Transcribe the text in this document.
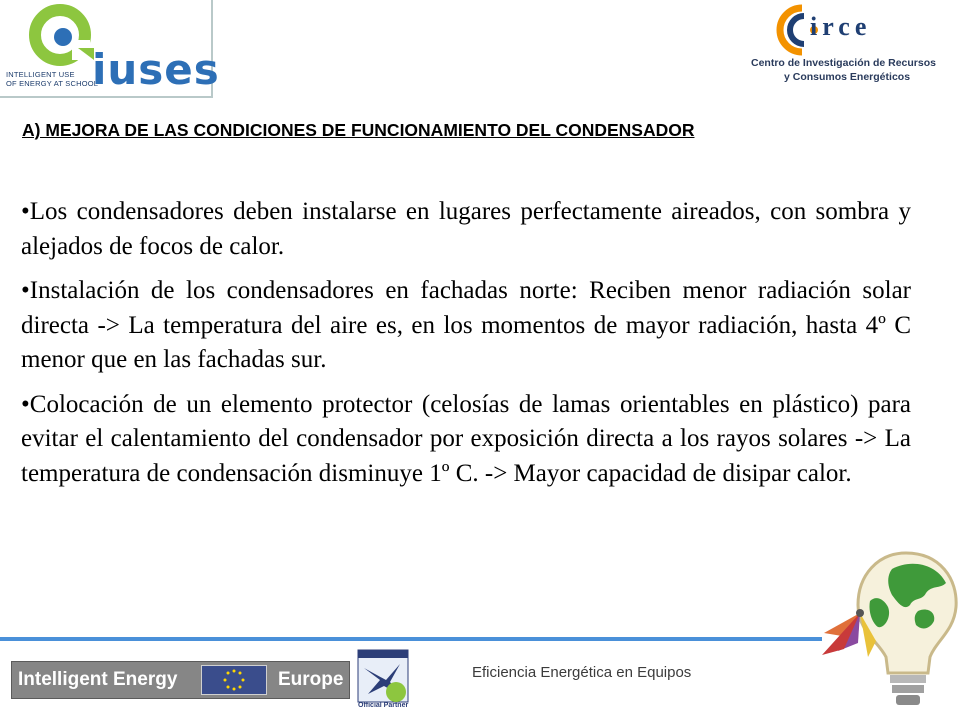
INTELLIGENT USE
OF ENERGY AT SCHOOL
iuses
irce
Centro de Investigación de Recursos
y Consumos Energéticos
A) MEJORA DE LAS CONDICIONES DE FUNCIONAMIENTO DEL CONDENSADOR
• Los condensadores deben instalarse en lugares perfectamente aireados, con sombra y alejados de focos de calor.
• Instalación de los condensadores en fachadas norte: Reciben menor radiación solar directa -> La temperatura del aire es, en los momentos de mayor radiación, hasta 4º C menor que en las fachadas sur.
• Colocación de un elemento protector (celosías de lamas orientables en plástico) para evitar el calentamiento del condensador por exposición directa a los rayos solares -> La temperatura de condensación disminuye 1º C. -> Mayor capacidad de disipar calor.
Intelligent Energy	Europe
Official Partner
Eficiencia Energética en Equipos
